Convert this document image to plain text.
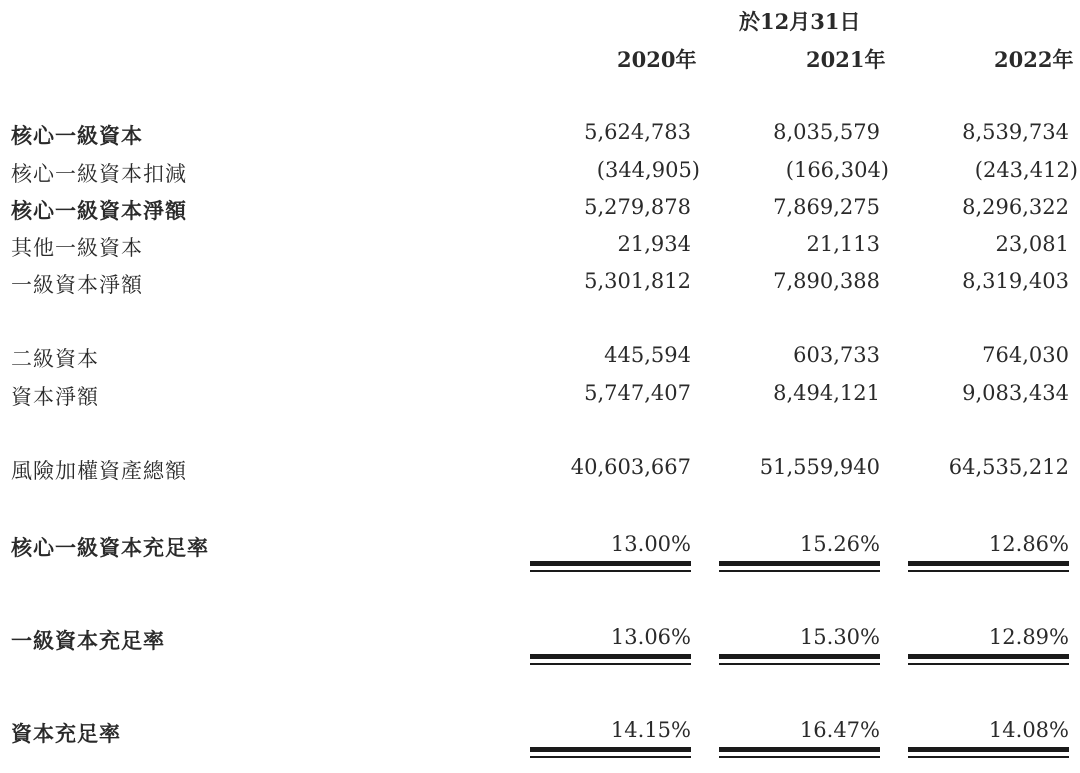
於12月31日
2020年	2021年	2022年
核心一級資本	5,624,783	8,035,579	8,539,734
核心一級資本扣減	(344,905)	(166,304)	(243,412)
核心一級資本淨額	5,279,878	7,869,275	8,296,322
其他一級資本	21,934	21,113	23,081
一級資本淨額	5,301,812	7,890,388	8,319,403
二級資本	445,594	603,733	764,030
資本淨額	5,747,407	8,494,121	9,083,434
風險加權資產總額	40,603,667	51,559,940	64,535,212
核心一級資本充足率	13.00%	15.26%	12.86%
一級資本充足率	13.06%	15.30%	12.89%
資本充足率	14.15%	16.47%	14.08%
